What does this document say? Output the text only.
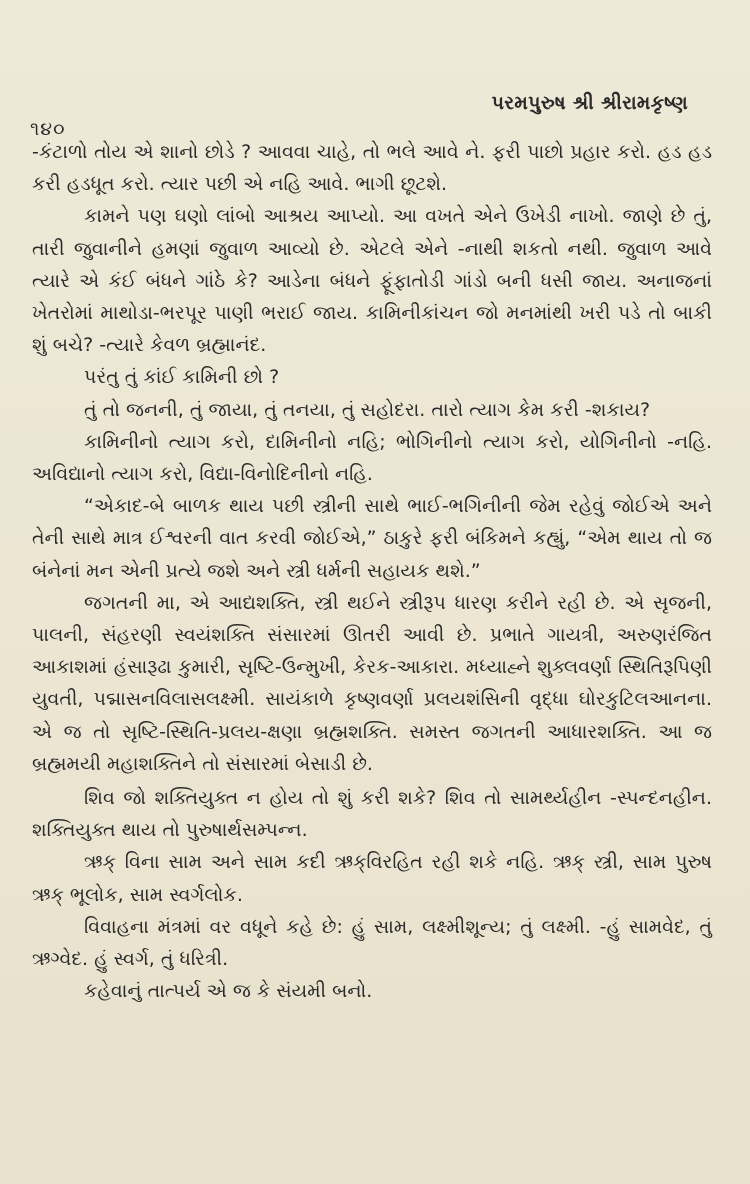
૧૪૦
પરમપુરુષ શ્રી શ્રીરામકૃષ્ણ

-કંટાળો તોય એ શાનો છોડે ? આવવા ચાહે, તો ભલે આવે ને. ફરી પાછો પ્રહાર કરો. હડ હડ કરી હડધૂત કરો. ત્યાર પછી એ નહિ આવે. ભાગી છૂટશે.

કામને પણ ઘણો લાંબો આશ્રય આપ્યો. આ વખતે એને ઉખેડી નાખો. જાણે છે તું, તારી જુવાનીને હમણાં જુવાળ આવ્યો છે. એટલે એને -નાથી શકતો નથી. જુવાળ આવે ત્યારે એ કંઈ બંધને ગાંઠે કે? આડેના બંધને ફૂંફાતોડી ગાંડો બની ધસી જાય. અનાજનાં ખેતરોમાં માથોડા-ભરપૂર પાણી ભરાઈ જાય. કામિનીકાંચન જો મનમાંથી ખરી પડે તો બાકી શું બચે? -ત્યારે કેવળ બ્રહ્માનંદ.

પરંતુ તું કાંઈ કામિની છો ?

તું તો જનની, તું જાયા, તું તનયા, તું સહોદરા. તારો ત્યાગ કેમ કરી -શકાય?

કામિનીનો ત્યાગ કરો, દામિનીનો નહિ; ભોગિનીનો ત્યાગ કરો, યોગિનીનો -નહિ. અવિદ્યાનો ત્યાગ કરો, વિદ્યા-વિનોદિનીનો નહિ.

“એકાદ-બે બાળક થાય પછી સ્ત્રીની સાથે ભાઈ-ભગિનીની જેમ રહેવું જોઈએ અને તેની સાથે માત્ર ઈશ્વરની વાત કરવી જોઈએ,” ઠાકુરે ફરી બંકિમને કહ્યું, “એમ થાય તો જ બંનેનાં મન એની પ્રત્યે જશે અને સ્ત્રી ધર્મની સહાયક થશે.”

જગતની મા, એ આદ્યશક્તિ, સ્ત્રી થઈને સ્ત્રીરૂપ ધારણ કરીને રહી છે. એ સૃજની, પાલની, સંહરણી સ્વયંશક્તિ સંસારમાં ઊતરી આવી છે. પ્રભાતે ગાયત્રી, અરુણરંજિત આકાશમાં હંસારૂઢા કુમારી, સૃષ્ટિ-ઉન્મુખી, કેરક-આકારા. મધ્યાહ્ને શુક્લવર્ણા સ્થિતિરૂપિણી યુવતી, પદ્માસનવિલાસલક્ષ્મી. સાયંકાળે કૃષ્ણવર્ણા પ્રલયશંસિની વૃદ્ધા ઘોરકુટિલઆનના. એ જ તો સૃષ્ટિ-સ્થિતિ-પ્રલય-ક્ષણા બ્રહ્મશક્તિ. સમસ્ત જગતની આધારશક્તિ. આ જ બ્રહ્મમયી મહાશક્તિને તો સંસારમાં બેસાડી છે.

શિવ જો શક્તિયુક્ત ન હોય તો શું કરી શકે? શિવ તો સામર્થ્યહીન -સ્પન્દનહીન. શક્તિયુક્ત થાય તો પુરુષાર્થસમ્પન્ન.

ઋક્ વિના સામ અને સામ કદી ઋક્‌વિરહિત રહી શકે નહિ. ઋક્ સ્ત્રી, સામ પુરુષ ઋક્ ભૂલોક, સામ સ્વર્ગલોક.

વિવાહના મંત્રમાં વર વધૂને કહે છે: હું સામ, લક્ષ્મીશૂન્ય; તું લક્ષ્મી. -હું સામવેદ, તું ઋગ્વેદ. હું સ્વર્ગ, તું ધરિત્રી.

કહેવાનું તાત્પર્ય એ જ કે સંયમી બનો.
